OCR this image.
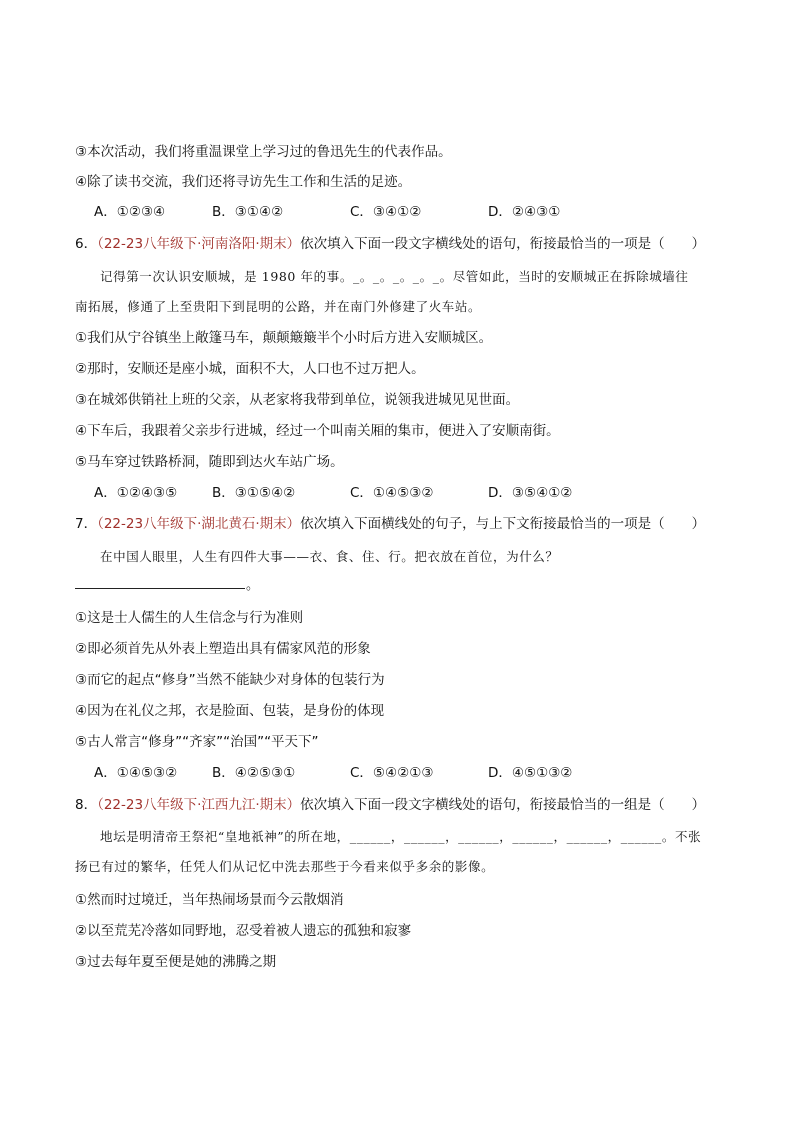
③本次活动，我们将重温课堂上学习过的鲁迅先生的代表作品。
④除了读书交流，我们还将寻访先生工作和生活的足迹。
A．①②③④	B．③①④②	C．③④①②	D．②④③①
6．（22-23八年级下·河南洛阳·期末）依次填入下面一段文字横线处的语句，衔接最恰当的一项是（　　）
记得第一次认识安顺城，是 1980 年的事。_。_。_。_。_。尽管如此，当时的安顺城正在拆除城墙往
南拓展，修通了上至贵阳下到昆明的公路，并在南门外修建了火车站。
①我们从宁谷镇坐上敞篷马车，颠颠簸簸半个小时后方进入安顺城区。
②那时，安顺还是座小城，面积不大，人口也不过万把人。
③在城郊供销社上班的父亲，从老家将我带到单位，说领我进城见见世面。
④下车后，我跟着父亲步行进城，经过一个叫南关厢的集市，便进入了安顺南街。
⑤马车穿过铁路桥洞，随即到达火车站广场。
A．①②④③⑤	B．③①⑤④②	C．①④⑤③②	D．③⑤④①②
7．（22-23八年级下·湖北黄石·期末）依次填入下面横线处的句子，与上下文衔接最恰当的一项是（　　）
在中国人眼里，人生有四件大事——衣、食、住、行。把衣放在首位，为什么？
。
①这是士人儒生的人生信念与行为准则
②即必须首先从外表上塑造出具有儒家风范的形象
③而它的起点“修身”当然不能缺少对身体的包装行为
④因为在礼仪之邦，衣是脸面、包装，是身份的体现
⑤古人常言“修身”“齐家”“治国”“平天下”
A．①④⑤③②	B．④②⑤③①	C．⑤④②①③	D．④⑤①③②
8．（22-23八年级下·江西九江·期末）依次填入下面一段文字横线处的语句，衔接最恰当的一组是（　　）
地坛是明清帝王祭祀“皇地祇神”的所在地，______，______，______，______，______，______。不张
扬已有过的繁华，任凭人们从记忆中洗去那些于今看来似乎多余的影像。
①然而时过境迁，当年热闹场景而今云散烟消
②以至荒芜冷落如同野地，忍受着被人遗忘的孤独和寂寥
③过去每年夏至便是她的沸腾之期
